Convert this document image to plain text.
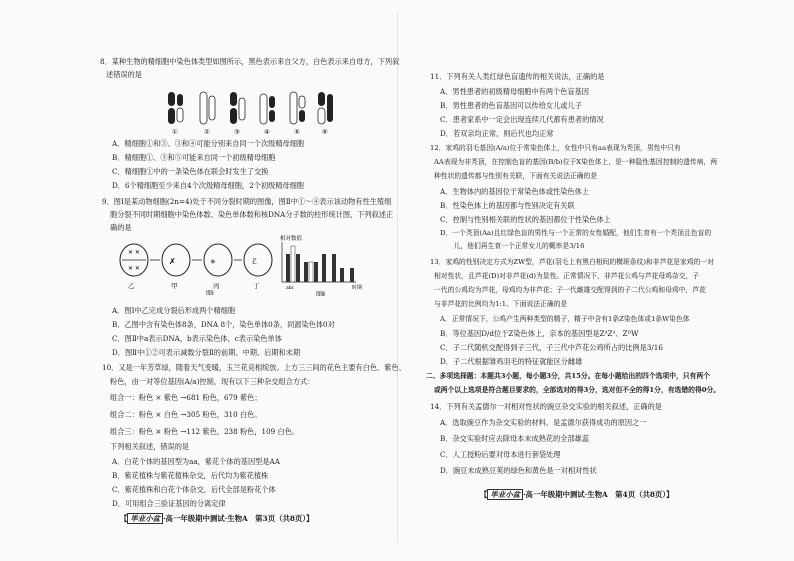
8．某种生物的精细胞中染色体类型如图所示，黑色表示来自父方，白色表示来自母方，下列叙
述错误的是
①	②	③	④	⑤	⑥
A．精细胞①和⑤、③和④可能分别来自同一个次级精母细胞
B．精细胞①、③和⑤可能来自同一个初级精母细胞
C．精细胞①中的一条染色体在联会时发生了交换
D．6个精细胞至少来自4个次级精母细胞，2个初级精母细胞
9．图Ⅰ是某动物细胞(2n=4)处于不同分裂时期的图像，图Ⅱ中①～④表示该动物有性生殖细
胞分裂不同时期细胞中染色体数、染色单体数和核DNA分子数的柱形统计图，下列叙述正
确的是
✕ ✕
✕ ✕
✗	✳	ℰ
乙	甲	丙	丁
图Ⅰ
相对数值
abc	时期
图Ⅱ
A．图Ⅰ中乙完成分裂后形成两个精细胞
B．乙图中含有染色体8条，DNA 8个，染色单体0条，同源染色体0对
C．图Ⅱ中a表示DNA，b表示染色体，c表示染色单体
D．图Ⅱ中①②可表示减数分裂Ⅱ的前期、中期、后期和末期
10．又是一年芳草绿，随着天气变暖，玉兰花竞相绽放。上方三三间的花色主要有白色、紫色、
粉色，由一对等位基因(A/a)控制，现有以下三种杂交组合方式：
组合一：粉色 × 紫色 →681 粉色，679 紫色；
组合二：粉色 × 白色 →305 粉色，310 白色。
组合三：粉色 × 粉色 →112 紫色，238 粉色，109 白色。
下列相关叙述，错误的是
A．白花个体的基因型为aa，紫花个体的基因型是AA
B．紫花植株与紫花植株杂交，后代均为紫花植株
C．紫花植株和白花个体杂交，后代全部是粉花个体
D．可用组合三验证基因的分离定律
【 毕业小盆 ·高一年级期中测试·生物A　第3页（共8页）】
11．下列有关人类红绿色盲遗传的相关说法，正确的是
A．男性患者的初级精母细胞中有两个色盲基因
B．男性患者的色盲基因可以传给女儿或儿子
C．患者家系中一定会出现连续几代都有患者的情况
D．若双亲均正常，则后代也均正常
12．家鸡的羽毛基因(A/a)位于常染色体上，女性中只有aa表现为秃顶，男性中只有
AA表现为非秃顶，在控制色盲的基因(B/b)位于X染色体上，是一种隐性基因控制的遗传病，两
种性状的遗传都与性别有关联，下面有关说法正确的是
A．生物体内的基因位于常染色体或性染色体上
B．性染色体上的基因都与性别决定有关联
C．控制与性别相关联的性状的基因都位于性染色体上
D．一个秃顶(Aa)且红绿色盲的男性与一个正常的女性婚配，他们生育有一个秃顶且色盲的
　　儿，他们再生育一个正常女儿的概率是3/16
13．家鸡的性别决定方式为ZW型，芦花(羽毛上有黑白相间的横斑条纹)和非芦花是家鸡的一对
相对性状，且芦花(D)对非芦花(d)为显性。正常情况下，非芦花公鸡与芦花母鸡杂交，子
一代的公鸡均为芦花，母鸡均为非芦花；子一代雌雄交配得到的子二代公鸡和母鸡中，芦花
与非芦花的比例均为1:1。下面说法正确的是
A．正常情况下，公鸡产生两种类型的精子，精子中含有1条Z染色体或1条W染色体
B．等位基因D/d位于Z染色体上，亲本的基因型是ZᵈZᵈ、ZᴰW
C．子二代随机交配得到子三代，子三代中芦花公鸡所占的比例是3/16
D．子二代根据雏鸡羽毛的特征就能区分雌雄
二、多项选择题：本题共3小题，每小题3分，共15分。在每小题给出的四个选项中，只有两个
或两个以上选项是符合题目要求的，全部选对的得3分，选对但不全的得1分，有选错的得0分。
14．下列有关孟德尔一对相对性状的豌豆杂交实验的相关叙述，正确的是
A．选取豌豆作为杂交实验的材料，是孟德尔获得成功的原因之一
B．杂交实验时应去除母本未成熟花的全部雄蕊
C．人工授粉后要对母本进行套袋处理
D．豌豆未成熟豆荚的绿色和黄色是一对相对性状
【 毕业小盆 ·高一年级期中测试·生物A　第4页（共8页）】
